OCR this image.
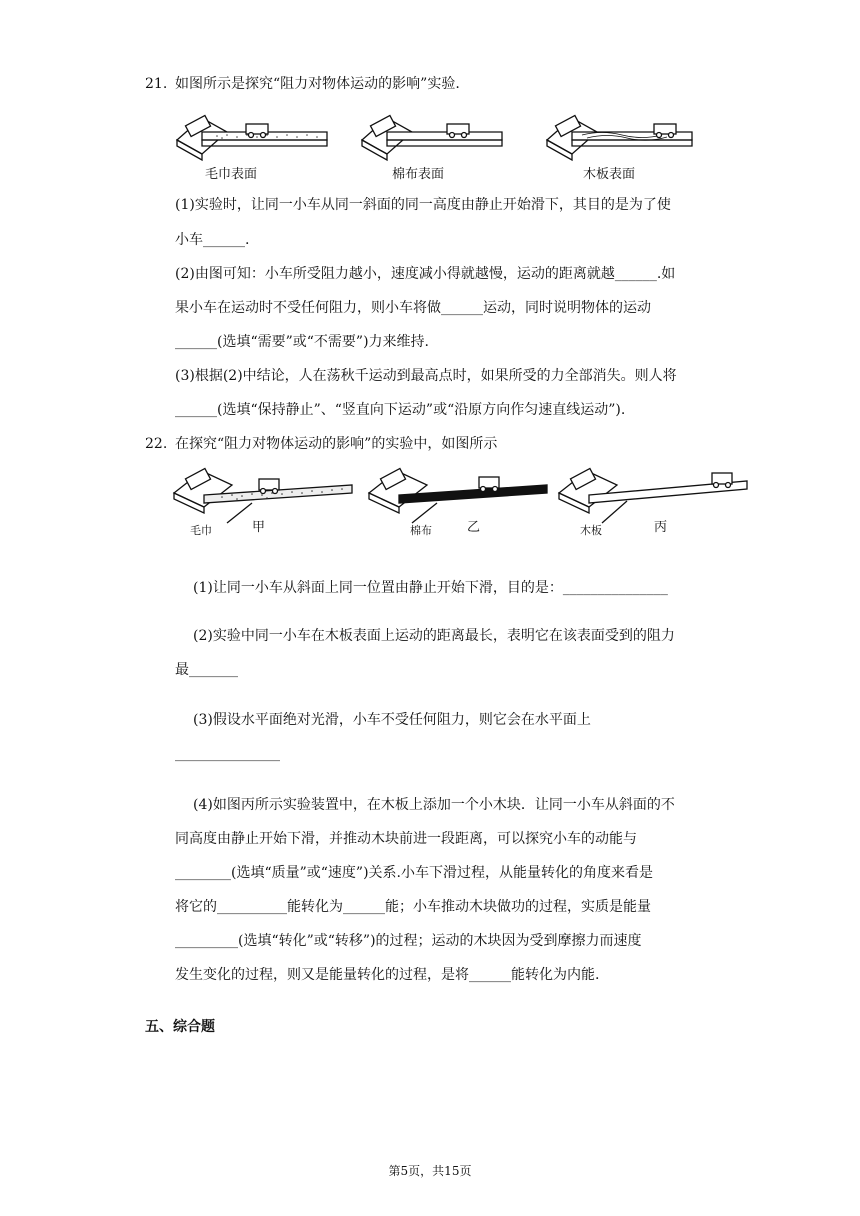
21. 如图所示是探究“阻力对物体运动的影响”实验.
毛巾表面	棉布表面	木板表面
(1)实验时，让同一小车从同一斜面的同一高度由静止开始滑下，其目的是为了使
小车______.
(2)由图可知：小车所受阻力越小，速度减小得就越慢，运动的距离就越______.如
果小车在运动时不受任何阻力，则小车将做______运动，同时说明物体的运动
______(选填“需要”或“不需要”)力来维持.
(3)根据(2)中结论，人在荡秋千运动到最高点时，如果所受的力全部消失。则人将
______(选填“保持静止”、“竖直向下运动”或“沿原方向作匀速直线运动”).
22. 在探究“阻力对物体运动的影响”的实验中，如图所示
毛巾	甲	棉布	乙	木板	丙
(1)让同一小车从斜面上同一位置由静止开始下滑，目的是：_______________
(2)实验中同一小车在木板表面上运动的距离最长，表明它在该表面受到的阻力
最_______
(3)假设水平面绝对光滑，小车不受任何阻力，则它会在水平面上
_______________
(4)如图丙所示实验装置中，在木板上添加一个小木块．让同一小车从斜面的不
同高度由静止开始下滑，并推动木块前进一段距离，可以探究小车的动能与
________(选填“质量”或“速度”)关系.小车下滑过程，从能量转化的角度来看是
将它的__________能转化为______能；小车推动木块做功的过程，实质是能量
_________(选填“转化”或“转移”)的过程；运动的木块因为受到摩擦力而速度
发生变化的过程，则又是能量转化的过程，是将______能转化为内能.
五、综合题
第5页，共15页
